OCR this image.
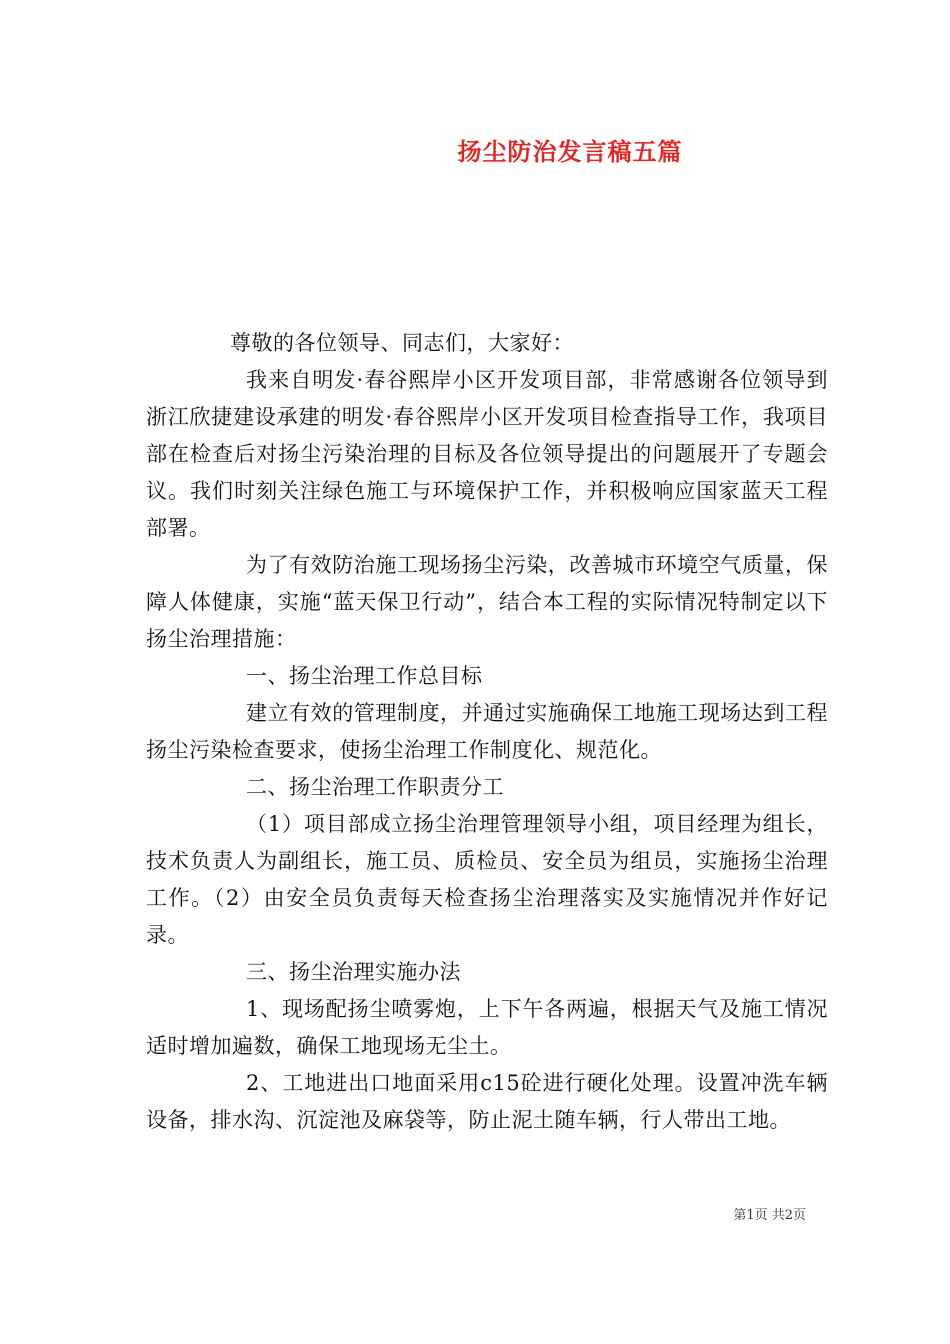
扬尘防治发言稿五篇

尊敬的各位领导、同志们，大家好：

我来自明发·春谷熙岸小区开发项目部，非常感谢各位领导到浙江欣捷建设承建的明发·春谷熙岸小区开发项目检查指导工作，我项目部在检查后对扬尘污染治理的目标及各位领导提出的问题展开了专题会议。我们时刻关注绿色施工与环境保护工作，并积极响应国家蓝天工程部署。

为了有效防治施工现场扬尘污染，改善城市环境空气质量，保障人体健康，实施“蓝天保卫行动”，结合本工程的实际情况特制定以下扬尘治理措施：

一、扬尘治理工作总目标

建立有效的管理制度，并通过实施确保工地施工现场达到工程扬尘污染检查要求，使扬尘治理工作制度化、规范化。

二、扬尘治理工作职责分工

（1）项目部成立扬尘治理管理领导小组，项目经理为组长，技术负责人为副组长，施工员、质检员、安全员为组员，实施扬尘治理工作。（2）由安全员负责每天检查扬尘治理落实及实施情况并作好记录。

三、扬尘治理实施办法

1、现场配扬尘喷雾炮，上下午各两遍，根据天气及施工情况适时增加遍数，确保工地现场无尘土。

2、工地进出口地面采用c15砼进行硬化处理。设置冲洗车辆设备，排水沟、沉淀池及麻袋等，防止泥土随车辆，行人带出工地。

第1页 共2页
